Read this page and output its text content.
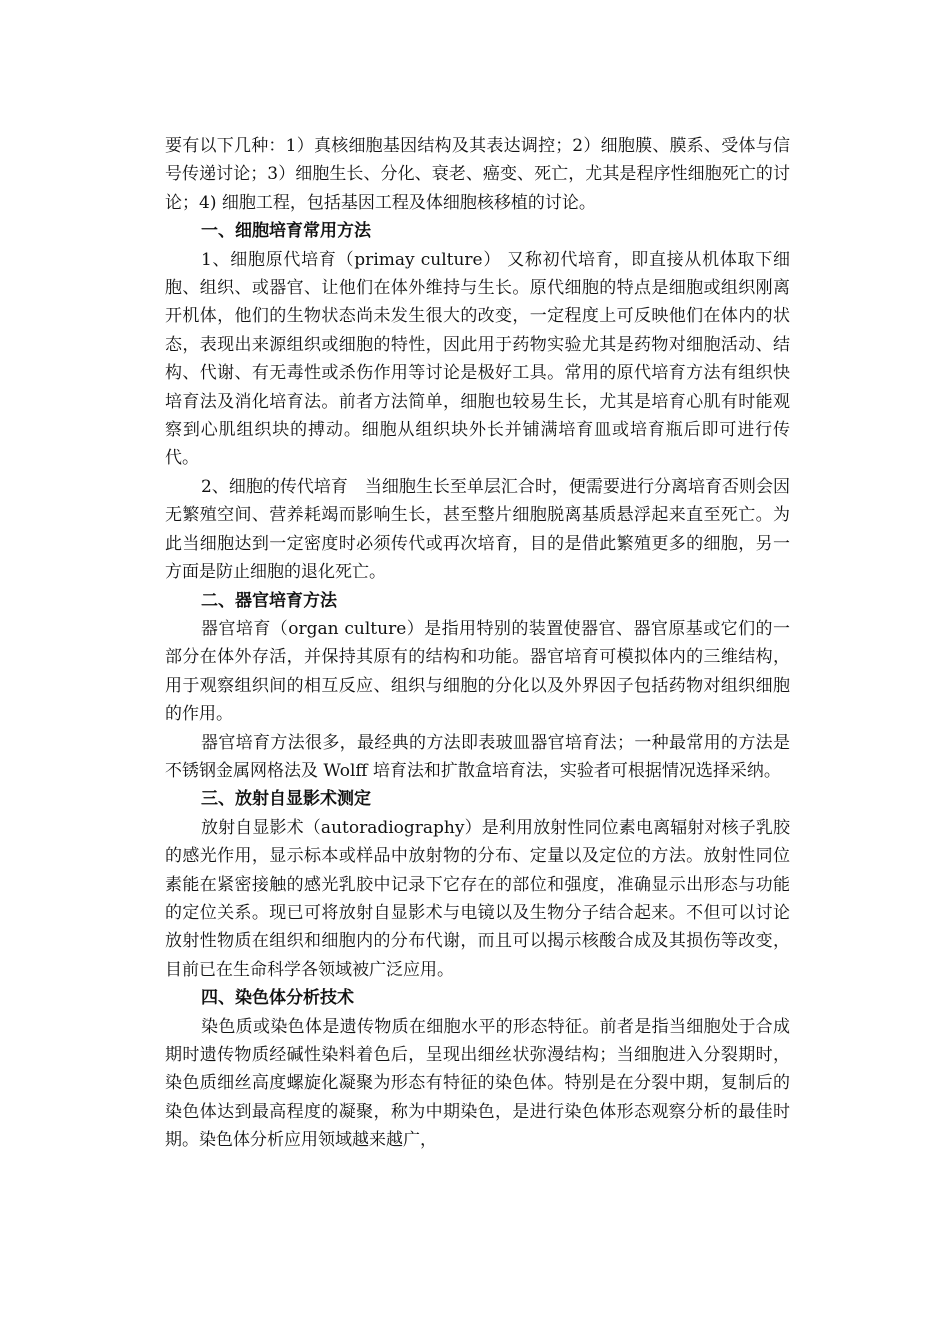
要有以下几种：1）真核细胞基因结构及其表达调控；2）细胞膜、膜系、受体与信号传递讨论；3）细胞生长、分化、衰老、癌变、死亡，尤其是程序性细胞死亡的讨论；4) 细胞工程，包括基因工程及体细胞核移植的讨论。

一、细胞培育常用方法

1、细胞原代培育（primay culture） 又称初代培育，即直接从机体取下细胞、组织、或器官、让他们在体外维持与生长。原代细胞的特点是细胞或组织刚离开机体，他们的生物状态尚未发生很大的改变，一定程度上可反映他们在体内的状态，表现出来源组织或细胞的特性，因此用于药物实验尤其是药物对细胞活动、结构、代谢、有无毒性或杀伤作用等讨论是极好工具。常用的原代培育方法有组织快培育法及消化培育法。前者方法简单，细胞也较易生长，尤其是培育心肌有时能观察到心肌组织块的搏动。细胞从组织块外长并铺满培育皿或培育瓶后即可进行传代。

2、细胞的传代培育　当细胞生长至单层汇合时，便需要进行分离培育否则会因无繁殖空间、营养耗竭而影响生长，甚至整片细胞脱离基质悬浮起来直至死亡。为此当细胞达到一定密度时必须传代或再次培育，目的是借此繁殖更多的细胞，另一方面是防止细胞的退化死亡。

二、器官培育方法

器官培育（organ culture）是指用特别的装置使器官、器官原基或它们的一部分在体外存活，并保持其原有的结构和功能。器官培育可模拟体内的三维结构，用于观察组织间的相互反应、组织与细胞的分化以及外界因子包括药物对组织细胞的作用。

器官培育方法很多，最经典的方法即表玻皿器官培育法；一种最常用的方法是不锈钢金属网格法及 Wolff 培育法和扩散盒培育法，实验者可根据情况选择采纳。

三、放射自显影术测定

放射自显影术（autoradiography）是利用放射性同位素电离辐射对核子乳胶的感光作用，显示标本或样品中放射物的分布、定量以及定位的方法。放射性同位素能在紧密接触的感光乳胶中记录下它存在的部位和强度，准确显示出形态与功能的定位关系。现已可将放射自显影术与电镜以及生物分子结合起来。不但可以讨论放射性物质在组织和细胞内的分布代谢，而且可以揭示核酸合成及其损伤等改变，目前已在生命科学各领域被广泛应用。

四、染色体分析技术

染色质或染色体是遗传物质在细胞水平的形态特征。前者是指当细胞处于合成期时遗传物质经碱性染料着色后，呈现出细丝状弥漫结构；当细胞进入分裂期时，染色质细丝高度螺旋化凝聚为形态有特征的染色体。特别是在分裂中期，复制后的染色体达到最高程度的凝聚，称为中期染色，是进行染色体形态观察分析的最佳时期。染色体分析应用领域越来越广，
